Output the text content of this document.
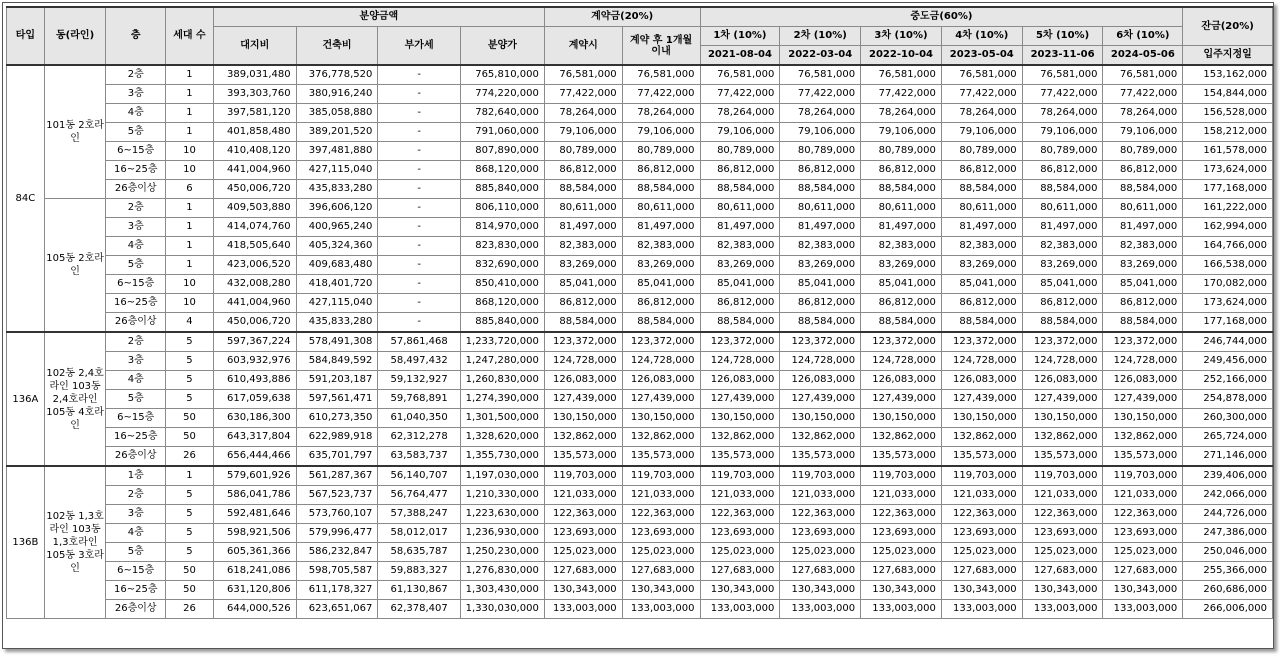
타입	동(라인)	층	세대 수	분양금액				계약금(20%)		중도금(60%)						잔금(20%)
				대지비	건축비	부가세	분양가	계약시	계약 후 1개월 이내	1차 (10%)	2차 (10%)	3차 (10%)	4차 (10%)	5차 (10%)	6차 (10%)	
										2021-08-04	2022-03-04	2022-10-04	2023-05-04	2023-11-06	2024-05-06	입주지정일
84C	101동 2호라인	2층	1	389,031,480	376,778,520	-	765,810,000	76,581,000	76,581,000	76,581,000	76,581,000	76,581,000	76,581,000	76,581,000	76,581,000	153,162,000
		3층	1	393,303,760	380,916,240	-	774,220,000	77,422,000	77,422,000	77,422,000	77,422,000	77,422,000	77,422,000	77,422,000	77,422,000	154,844,000
		4층	1	397,581,120	385,058,880	-	782,640,000	78,264,000	78,264,000	78,264,000	78,264,000	78,264,000	78,264,000	78,264,000	78,264,000	156,528,000
		5층	1	401,858,480	389,201,520	-	791,060,000	79,106,000	79,106,000	79,106,000	79,106,000	79,106,000	79,106,000	79,106,000	79,106,000	158,212,000
		6~15층	10	410,408,120	397,481,880	-	807,890,000	80,789,000	80,789,000	80,789,000	80,789,000	80,789,000	80,789,000	80,789,000	80,789,000	161,578,000
		16~25층	10	441,004,960	427,115,040	-	868,120,000	86,812,000	86,812,000	86,812,000	86,812,000	86,812,000	86,812,000	86,812,000	86,812,000	173,624,000
		26층이상	6	450,006,720	435,833,280	-	885,840,000	88,584,000	88,584,000	88,584,000	88,584,000	88,584,000	88,584,000	88,584,000	88,584,000	177,168,000
	105동 2호라인	2층	1	409,503,880	396,606,120	-	806,110,000	80,611,000	80,611,000	80,611,000	80,611,000	80,611,000	80,611,000	80,611,000	80,611,000	161,222,000
		3층	1	414,074,760	400,965,240	-	814,970,000	81,497,000	81,497,000	81,497,000	81,497,000	81,497,000	81,497,000	81,497,000	81,497,000	162,994,000
		4층	1	418,505,640	405,324,360	-	823,830,000	82,383,000	82,383,000	82,383,000	82,383,000	82,383,000	82,383,000	82,383,000	82,383,000	164,766,000
		5층	1	423,006,520	409,683,480	-	832,690,000	83,269,000	83,269,000	83,269,000	83,269,000	83,269,000	83,269,000	83,269,000	83,269,000	166,538,000
		6~15층	10	432,008,280	418,401,720	-	850,410,000	85,041,000	85,041,000	85,041,000	85,041,000	85,041,000	85,041,000	85,041,000	85,041,000	170,082,000
		16~25층	10	441,004,960	427,115,040	-	868,120,000	86,812,000	86,812,000	86,812,000	86,812,000	86,812,000	86,812,000	86,812,000	86,812,000	173,624,000
		26층이상	4	450,006,720	435,833,280	-	885,840,000	88,584,000	88,584,000	88,584,000	88,584,000	88,584,000	88,584,000	88,584,000	88,584,000	177,168,000
136A	102동 2,4호라인 103동 2,4호라인 105동 4호라인	2층	5	597,367,224	578,491,308	57,861,468	1,233,720,000	123,372,000	123,372,000	123,372,000	123,372,000	123,372,000	123,372,000	123,372,000	123,372,000	246,744,000
		3층	5	603,932,976	584,849,592	58,497,432	1,247,280,000	124,728,000	124,728,000	124,728,000	124,728,000	124,728,000	124,728,000	124,728,000	124,728,000	249,456,000
		4층	5	610,493,886	591,203,187	59,132,927	1,260,830,000	126,083,000	126,083,000	126,083,000	126,083,000	126,083,000	126,083,000	126,083,000	126,083,000	252,166,000
		5층	5	617,059,638	597,561,471	59,768,891	1,274,390,000	127,439,000	127,439,000	127,439,000	127,439,000	127,439,000	127,439,000	127,439,000	127,439,000	254,878,000
		6~15층	50	630,186,300	610,273,350	61,040,350	1,301,500,000	130,150,000	130,150,000	130,150,000	130,150,000	130,150,000	130,150,000	130,150,000	130,150,000	260,300,000
		16~25층	50	643,317,804	622,989,918	62,312,278	1,328,620,000	132,862,000	132,862,000	132,862,000	132,862,000	132,862,000	132,862,000	132,862,000	132,862,000	265,724,000
		26층이상	26	656,444,466	635,701,797	63,583,737	1,355,730,000	135,573,000	135,573,000	135,573,000	135,573,000	135,573,000	135,573,000	135,573,000	135,573,000	271,146,000
136B	102동 1,3호라인 103동 1,3호라인 105동 3호라인	1층	1	579,601,926	561,287,367	56,140,707	1,197,030,000	119,703,000	119,703,000	119,703,000	119,703,000	119,703,000	119,703,000	119,703,000	119,703,000	239,406,000
		2층	5	586,041,786	567,523,737	56,764,477	1,210,330,000	121,033,000	121,033,000	121,033,000	121,033,000	121,033,000	121,033,000	121,033,000	121,033,000	242,066,000
		3층	5	592,481,646	573,760,107	57,388,247	1,223,630,000	122,363,000	122,363,000	122,363,000	122,363,000	122,363,000	122,363,000	122,363,000	122,363,000	244,726,000
		4층	5	598,921,506	579,996,477	58,012,017	1,236,930,000	123,693,000	123,693,000	123,693,000	123,693,000	123,693,000	123,693,000	123,693,000	123,693,000	247,386,000
		5층	5	605,361,366	586,232,847	58,635,787	1,250,230,000	125,023,000	125,023,000	125,023,000	125,023,000	125,023,000	125,023,000	125,023,000	125,023,000	250,046,000
		6~15층	50	618,241,086	598,705,587	59,883,327	1,276,830,000	127,683,000	127,683,000	127,683,000	127,683,000	127,683,000	127,683,000	127,683,000	127,683,000	255,366,000
		16~25층	50	631,120,806	611,178,327	61,130,867	1,303,430,000	130,343,000	130,343,000	130,343,000	130,343,000	130,343,000	130,343,000	130,343,000	130,343,000	260,686,000
		26층이상	26	644,000,526	623,651,067	62,378,407	1,330,030,000	133,003,000	133,003,000	133,003,000	133,003,000	133,003,000	133,003,000	133,003,000	133,003,000	266,006,000
